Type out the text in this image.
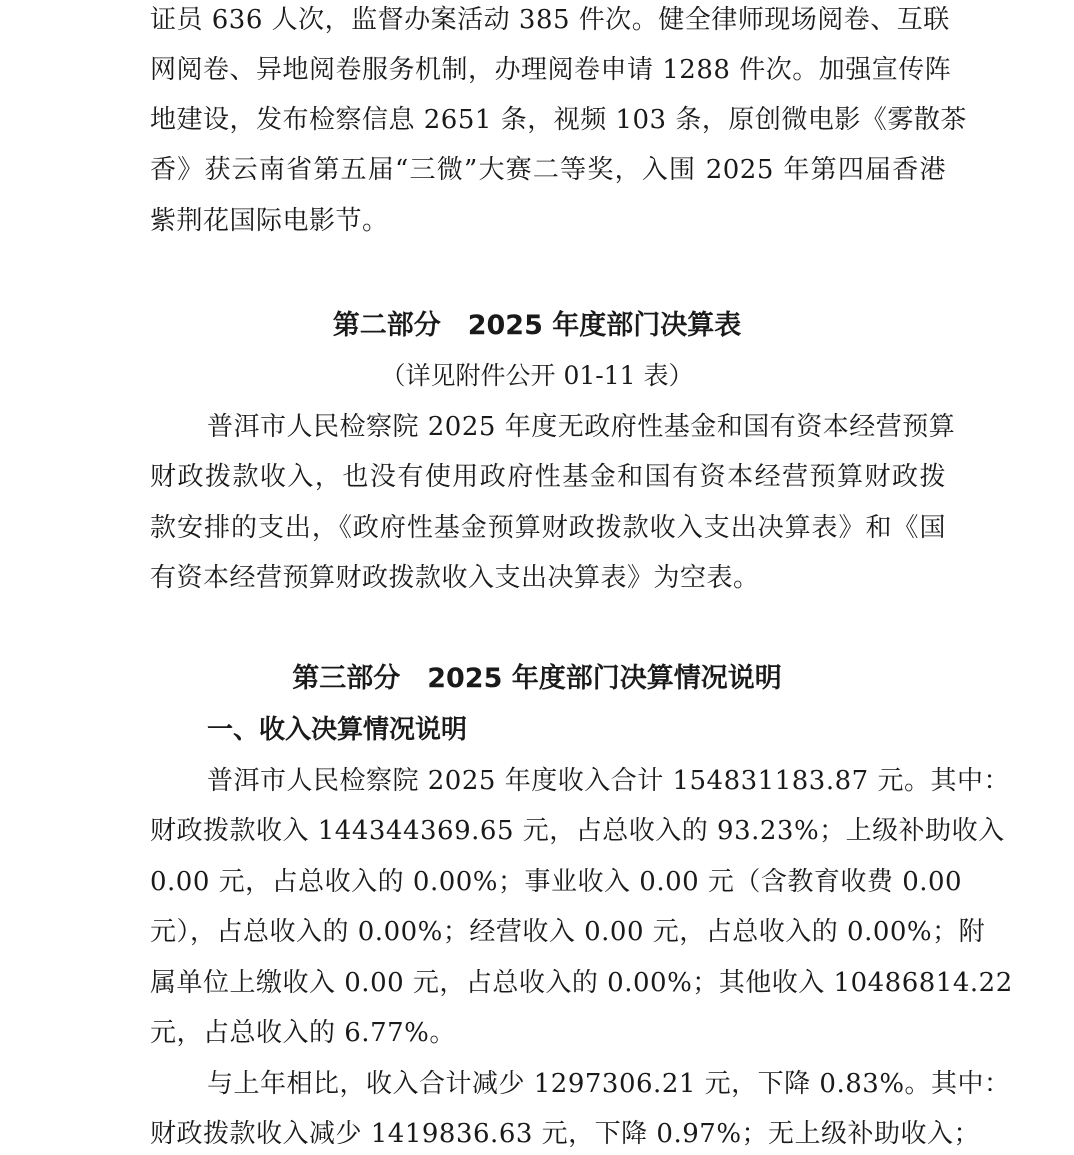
证员 636 人次，监督办案活动 385 件次。健全律师现场阅卷、互联
网阅卷、异地阅卷服务机制，办理阅卷申请 1288 件次。加强宣传阵
地建设，发布检察信息 2651 条，视频 103 条，原创微电影《雾散茶
香》获云南省第五届“三微”大赛二等奖，入围 2025 年第四届香港
紫荆花国际电影节。
第二部分　2025 年度部门决算表
（详见附件公开 01-11 表）
普洱市人民检察院 2025 年度无政府性基金和国有资本经营预算
财政拨款收入，也没有使用政府性基金和国有资本经营预算财政拨
款安排的支出，《政府性基金预算财政拨款收入支出决算表》和《国
有资本经营预算财政拨款收入支出决算表》为空表。
第三部分　2025 年度部门决算情况说明
一、收入决算情况说明
普洱市人民检察院 2025 年度收入合计 154831183.87 元。其中：
财政拨款收入 144344369.65 元，占总收入的 93.23%；上级补助收入
0.00 元，占总收入的 0.00%；事业收入 0.00 元（含教育收费 0.00
元），占总收入的 0.00%；经营收入 0.00 元，占总收入的 0.00%；附
属单位上缴收入 0.00 元，占总收入的 0.00%；其他收入 10486814.22
元，占总收入的 6.77%。
与上年相比，收入合计减少 1297306.21 元，下降 0.83%。其中：
财政拨款收入减少 1419836.63 元，下降 0.97%；无上级补助收入；
